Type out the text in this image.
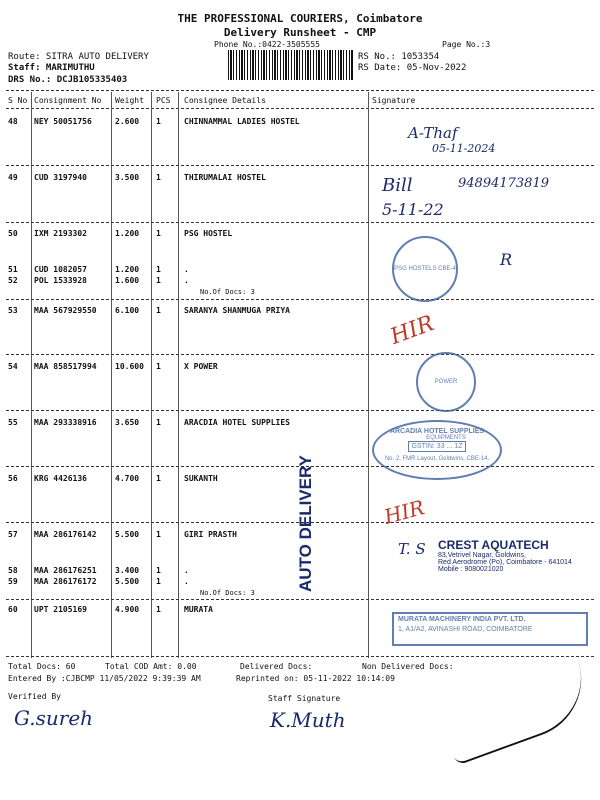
THE PROFESSIONAL COURIERS, Coimbatore
Delivery Runsheet - CMP
Phone No.:0422-3505555	Page No.:3
Route: SITRA AUTO DELIVERY
Staff: MARIMUTHU
DRS No.: DCJB105335403
RS No.: 1053354
RS Date: 05-Nov-2022
S No Consignment No Weight PCS Consignee Details	Signature
48 NEY 50051756	2.600 1	CHINNAMMAL LADIES HOSTEL
49 CUD 3197940	3.500 1	THIRUMALAI HOSTEL
50 IXM 2193302	1.200 1	PSG HOSTEL
51 CUD 1082057	1.200 1	.
52 POL 1533928	1.600 1	.
No.Of Docs: 3
53 MAA 567929550 6.100 1	SARANYA SHANMUGA PRIYA
54 MAA 858517994 10.600 1	X POWER
55 MAA 293338916 3.650 1	ARACDIA HOTEL SUPPLIES
56 KRG 4426136	4.700 1	SUKANTH
57 MAA 286176142 5.500 1	GIRI PRASTH
58 MAA 286176251 3.400 1	.
59 MAA 286176172 5.500 1	.
No.Of Docs: 3
60 UPT 2105169	4.900 1	MURATA
Total Docs: 60	Total COD Amt: 0.00	Delivered Docs:	Non Delivered Docs:
Entered By :CJBCMP 11/05/2022 9:39:39 AM	Reprinted on: 05-11-2022 10:14:09
Verified By	Staff Signature
AUTO DELIVERY
A-Thaf
05-11-2024
Bill	94894173819
5-11-22
PSG HOSTELS CBE-4	R
HIR
POWER EQUIPMENTS
ARCADIA HOTEL SUPPLIES
GSTIN: 33 ... 1Z
No. 2, FMR Layout, Goldwins, CBE-14.
HIR
T. S CREST AQUATECH
83,Vetrivel Nagar, Goldwins,
Red Aerodrome (Po), Coimbatore - 641014
Mobile : 9080021020
MURATA MACHINERY INDIA PVT. LTD.
1, A1/A2, AVINASHI ROAD, COIMBATORE
G.sureh	K.Muth
